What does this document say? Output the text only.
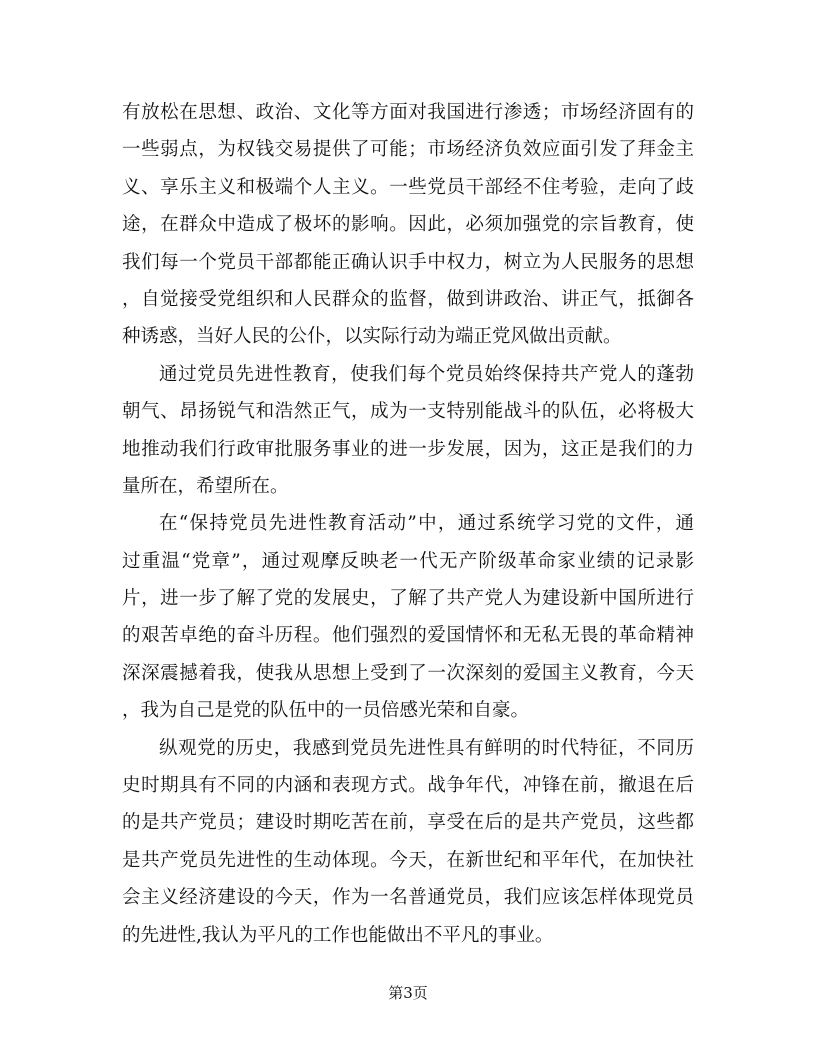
有放松在思想、政治、文化等方面对我国进行渗透；市场经济固有的
一些弱点，为权钱交易提供了可能；市场经济负效应面引发了拜金主
义、享乐主义和极端个人主义。一些党员干部经不住考验，走向了歧
途，在群众中造成了极坏的影响。因此，必须加强党的宗旨教育，使
我们每一个党员干部都能正确认识手中权力，树立为人民服务的思想
，自觉接受党组织和人民群众的监督，做到讲政治、讲正气，抵御各
种诱惑，当好人民的公仆，以实际行动为端正党风做出贡献。
通过党员先进性教育，使我们每个党员始终保持共产党人的蓬勃
朝气、昂扬锐气和浩然正气，成为一支特别能战斗的队伍，必将极大
地推动我们行政审批服务事业的进一步发展，因为，这正是我们的力
量所在，希望所在。
在“保持党员先进性教育活动”中，通过系统学习党的文件，通
过重温“党章”，通过观摩反映老一代无产阶级革命家业绩的记录影
片，进一步了解了党的发展史，了解了共产党人为建设新中国所进行
的艰苦卓绝的奋斗历程。他们强烈的爱国情怀和无私无畏的革命精神
深深震撼着我，使我从思想上受到了一次深刻的爱国主义教育，今天
，我为自己是党的队伍中的一员倍感光荣和自豪。
纵观党的历史，我感到党员先进性具有鲜明的时代特征，不同历
史时期具有不同的内涵和表现方式。战争年代，冲锋在前，撤退在后
的是共产党员；建设时期吃苦在前，享受在后的是共产党员，这些都
是共产党员先进性的生动体现。今天，在新世纪和平年代，在加快社
会主义经济建设的今天，作为一名普通党员，我们应该怎样体现党员
的先进性,我认为平凡的工作也能做出不平凡的事业。
第3页
